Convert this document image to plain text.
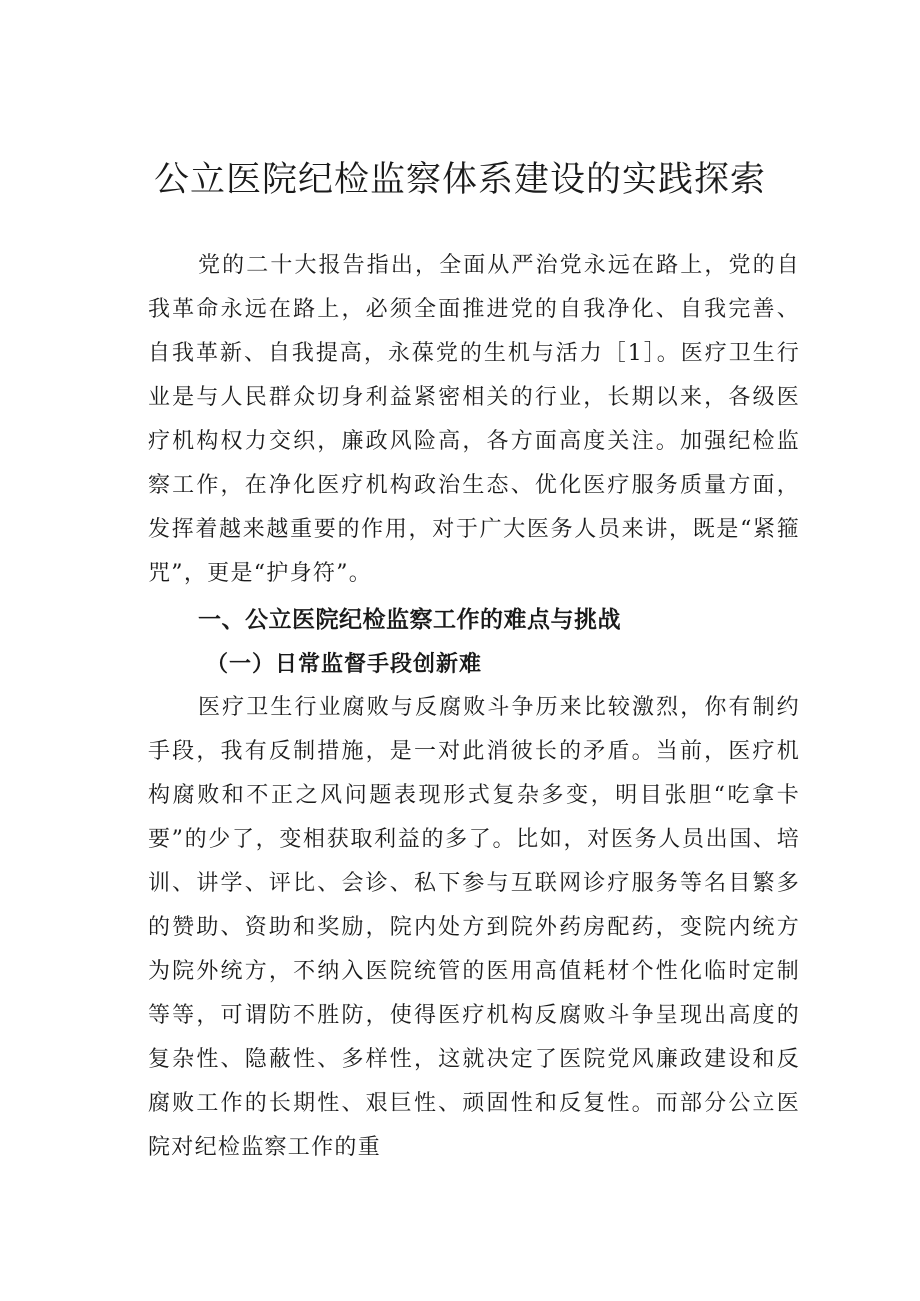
公立医院纪检监察体系建设的实践探索

党的二十大报告指出，全面从严治党永远在路上，党的自我革命永远在路上，必须全面推进党的自我净化、自我完善、自我革新、自我提高，永葆党的生机与活力［1］。医疗卫生行业是与人民群众切身利益紧密相关的行业，长期以来，各级医疗机构权力交织，廉政风险高，各方面高度关注。加强纪检监察工作，在净化医疗机构政治生态、优化医疗服务质量方面，发挥着越来越重要的作用，对于广大医务人员来讲，既是“紧箍咒”，更是“护身符”。

一、公立医院纪检监察工作的难点与挑战
（一）日常监督手段创新难

医疗卫生行业腐败与反腐败斗争历来比较激烈，你有制约手段，我有反制措施，是一对此消彼长的矛盾。当前，医疗机构腐败和不正之风问题表现形式复杂多变，明目张胆“吃拿卡要”的少了，变相获取利益的多了。比如，对医务人员出国、培训、讲学、评比、会诊、私下参与互联网诊疗服务等名目繁多的赞助、资助和奖励，院内处方到院外药房配药，变院内统方为院外统方，不纳入医院统管的医用高值耗材个性化临时定制等等，可谓防不胜防，使得医疗机构反腐败斗争呈现出高度的复杂性、隐蔽性、多样性，这就决定了医院党风廉政建设和反腐败工作的长期性、艰巨性、顽固性和反复性。而部分公立医院对纪检监察工作的重
